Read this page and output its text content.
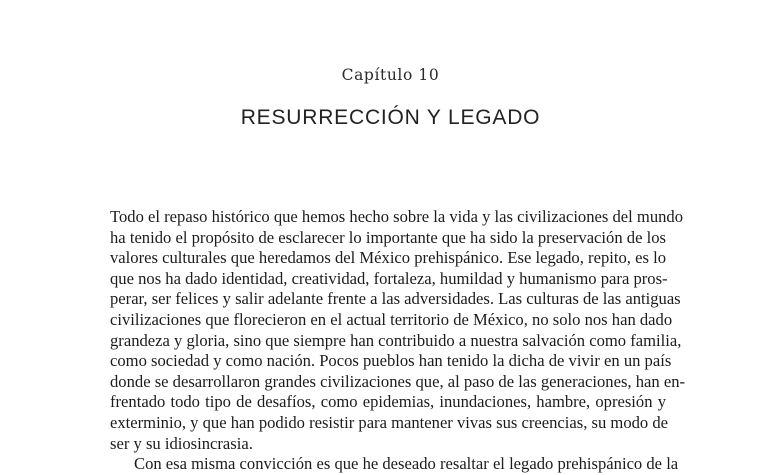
Capítulo 10
RESURRECCIÓN Y LEGADO
Todo el repaso histórico que hemos hecho sobre la vida y las civilizaciones del mundo
ha tenido el propósito de esclarecer lo importante que ha sido la preservación de los
valores culturales que heredamos del México prehispánico. Ese legado, repito, es lo
que nos ha dado identidad, creatividad, fortaleza, humildad y humanismo para pros-
perar, ser felices y salir adelante frente a las adversidades. Las culturas de las antiguas
civilizaciones que florecieron en el actual territorio de México, no solo nos han dado
grandeza y gloria, sino que siempre han contribuido a nuestra salvación como familia,
como sociedad y como nación. Pocos pueblos han tenido la dicha de vivir en un país
donde se desarrollaron grandes civilizaciones que, al paso de las generaciones, han en-
frentado todo tipo de desafíos, como epidemias, inundaciones, hambre, opresión y
exterminio, y que han podido resistir para mantener vivas sus creencias, su modo de
ser y su idiosincrasia.
Con esa misma convicción es que he deseado resaltar el legado prehispánico de la
